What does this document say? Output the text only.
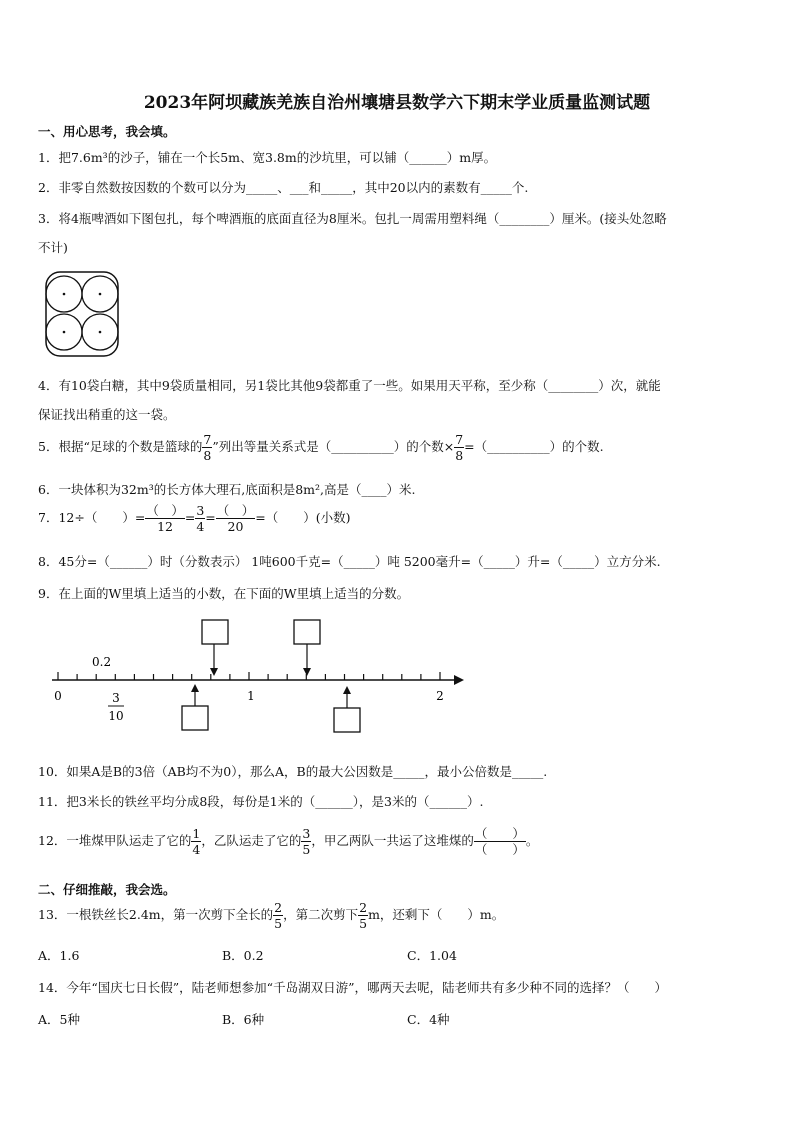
2023年阿坝藏族羌族自治州壤塘县数学六下期末学业质量监测试题
一、用心思考，我会填。
1．把7.6m³的沙子，铺在一个长5m、宽3.8m的沙坑里，可以铺（______）m厚。
2．非零自然数按因数的个数可以分为_____、___和_____，其中20以内的素数有_____个.
3．将4瓶啤酒如下图包扎，每个啤酒瓶的底面直径为8厘米。包扎一周需用塑料绳（________）厘米。(接头处忽略
不计)
4．有10袋白糖，其中9袋质量相同，另1袋比其他9袋都重了一些。如果用天平称，至少称（________）次，就能
保证找出稍重的这一袋。
5．根据“足球的个数是篮球的 $\frac{7}{8}$ ”列出等量关系式是（__________）的个数× $\frac{7}{8}$ =（__________）的个数.
6．一块体积为32m³的长方体大理石,底面积是8m²,高是（____）米.
7．12÷（　　）= $\frac{( )}{12} = \frac{3}{4} = \frac{( )}{20}$ =（　　）(小数)
8．45分=（______）时（分数表示） 1吨600千克=（_____）吨 5200毫升=（_____）升=（_____）立方分米.
9．在上面的W里填上适当的小数，在下面的W里填上适当的分数。
0.2
0	1	2
3
10
10．如果A是B的3倍（AB均不为0），那么A，B的最大公因数是_____，最小公倍数是_____.
11．把3米长的铁丝平均分成8段，每份是1米的（______），是3米的（______）.
12．一堆煤甲队运走了它的 $\frac{1}{4}$ ，乙队运走了它的 $\frac{3}{5}$ ，甲乙两队一共运了这堆煤的 $\frac{( )}{( )}$ 。
二、仔细推敲，我会选。
13．一根铁丝长2.4m，第一次剪下全长的 $\frac{2}{5}$ ，第二次剪下 $\frac{2}{5}$ m，还剩下（　　）m。
A．1.6	B．0.2	C．1.04
14．今年“国庆七日长假”，陆老师想参加“千岛湖双日游”，哪两天去呢，陆老师共有多少种不同的选择？（　　）
A．5种	B．6种	C．4种
